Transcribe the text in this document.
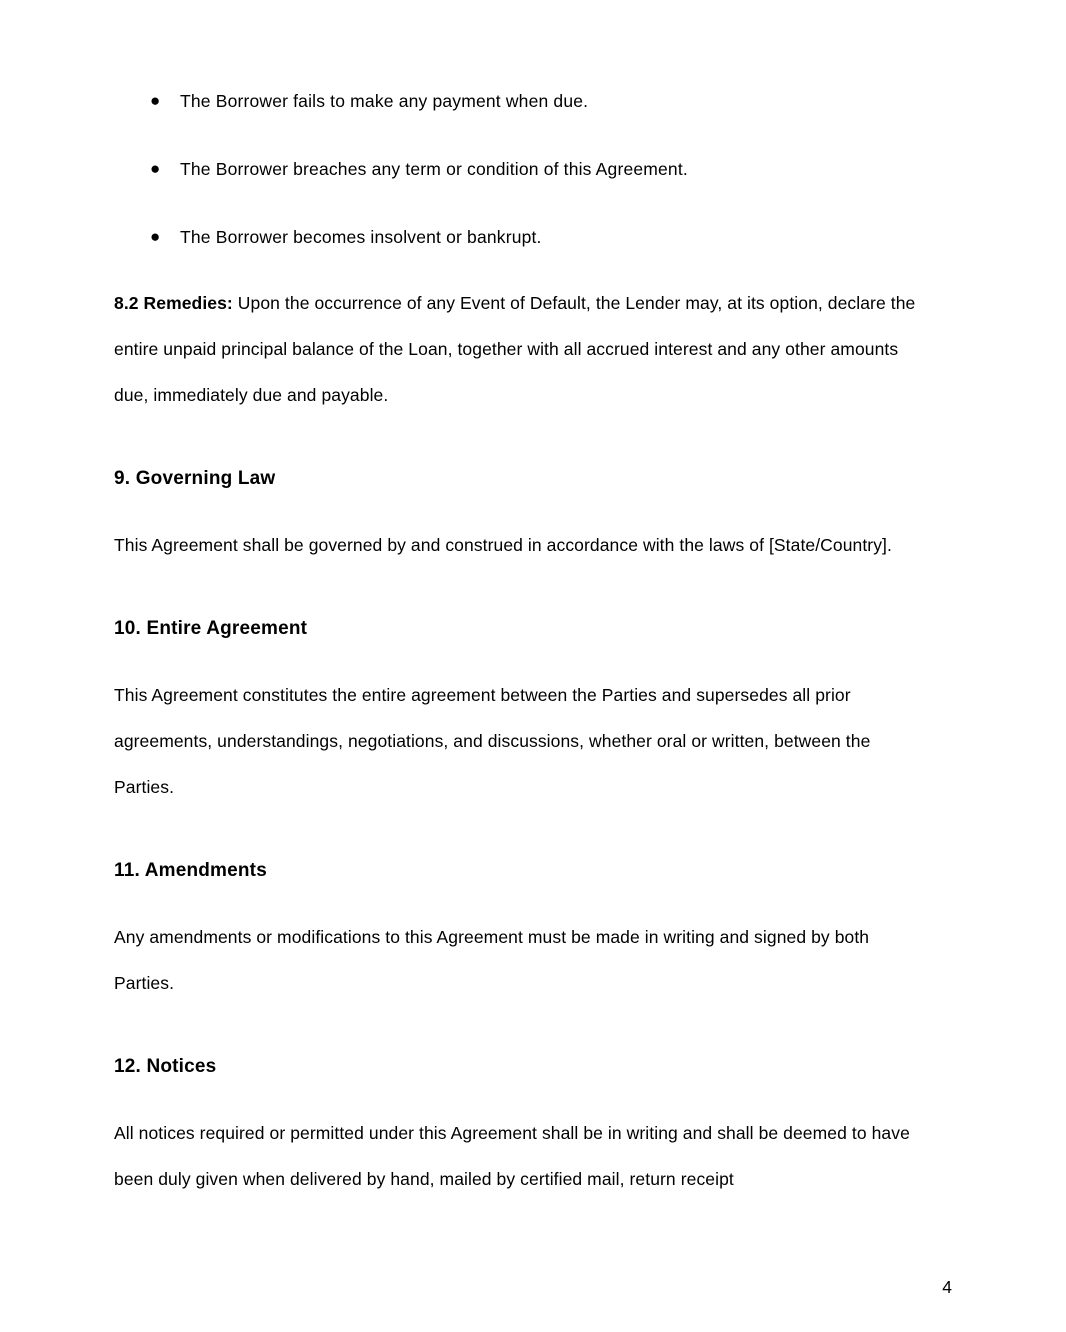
● The Borrower fails to make any payment when due.
● The Borrower breaches any term or condition of this Agreement.
● The Borrower becomes insolvent or bankrupt.

8.2 Remedies: Upon the occurrence of any Event of Default, the Lender may, at its option, declare the entire unpaid principal balance of the Loan, together with all accrued interest and any other amounts due, immediately due and payable.

9. Governing Law

This Agreement shall be governed by and construed in accordance with the laws of [State/Country].

10. Entire Agreement

This Agreement constitutes the entire agreement between the Parties and supersedes all prior agreements, understandings, negotiations, and discussions, whether oral or written, between the Parties.

11. Amendments

Any amendments or modifications to this Agreement must be made in writing and signed by both Parties.

12. Notices

All notices required or permitted under this Agreement shall be in writing and shall be deemed to have been duly given when delivered by hand, mailed by certified mail, return receipt

4
